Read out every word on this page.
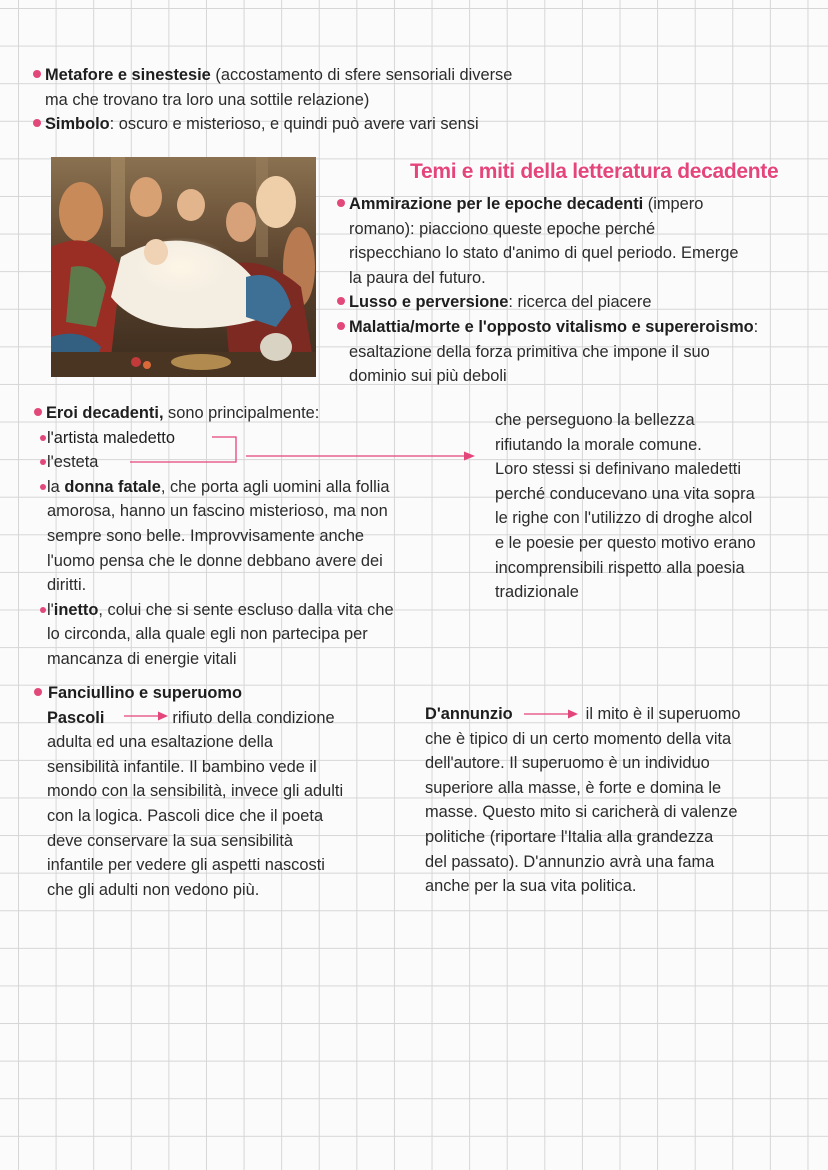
Metafore e sinestesie (accostamento di sfere sensoriali diverse
ma che trovano tra loro una sottile relazione)
Simbolo: oscuro e misterioso, e quindi può avere vari sensi
Temi e miti della letteratura decadente
Ammirazione per le epoche decadenti (impero
romano): piacciono queste epoche perché
rispecchiano lo stato d'animo di quel periodo. Emerge
la paura del futuro.
Lusso e perversione: ricerca del piacere
Malattia/morte e l'opposto vitalismo e supereroismo:
esaltazione della forza primitiva che impone il suo
dominio sui più deboli
Eroi decadenti, sono principalmente:
l'artista maledetto
l'esteta
la donna fatale, che porta agli uomini alla follia
amorosa, hanno un fascino misterioso, ma non
sempre sono belle. Improvvisamente anche
l'uomo pensa che le donne debbano avere dei
diritti.
l'inetto, colui che si sente escluso dalla vita che
lo circonda, alla quale egli non partecipa per
mancanza di energie vitali
che perseguono la bellezza
rifiutando la morale comune.
Loro stessi si definivano maledetti
perché conducevano una vita sopra
le righe con l'utilizzo di droghe alcol
e le poesie per questo motivo erano
incomprensibili rispetto alla poesia
tradizionale
Fanciullino e superuomo
Pascoli	rifiuto della condizione
adulta ed una esaltazione della
sensibilità infantile. Il bambino vede il
mondo con la sensibilità, invece gli adulti
con la logica. Pascoli dice che il poeta
deve conservare la sua sensibilità
infantile per vedere gli aspetti nascosti
che gli adulti non vedono più.
D'annunzio	il mito è il superuomo
che è tipico di un certo momento della vita
dell'autore. Il superuomo è un individuo
superiore alla masse, è forte e domina le
masse. Questo mito si caricherà di valenze
politiche (riportare l'Italia alla grandezza
del passato). D'annunzio avrà una fama
anche per la sua vita politica.
